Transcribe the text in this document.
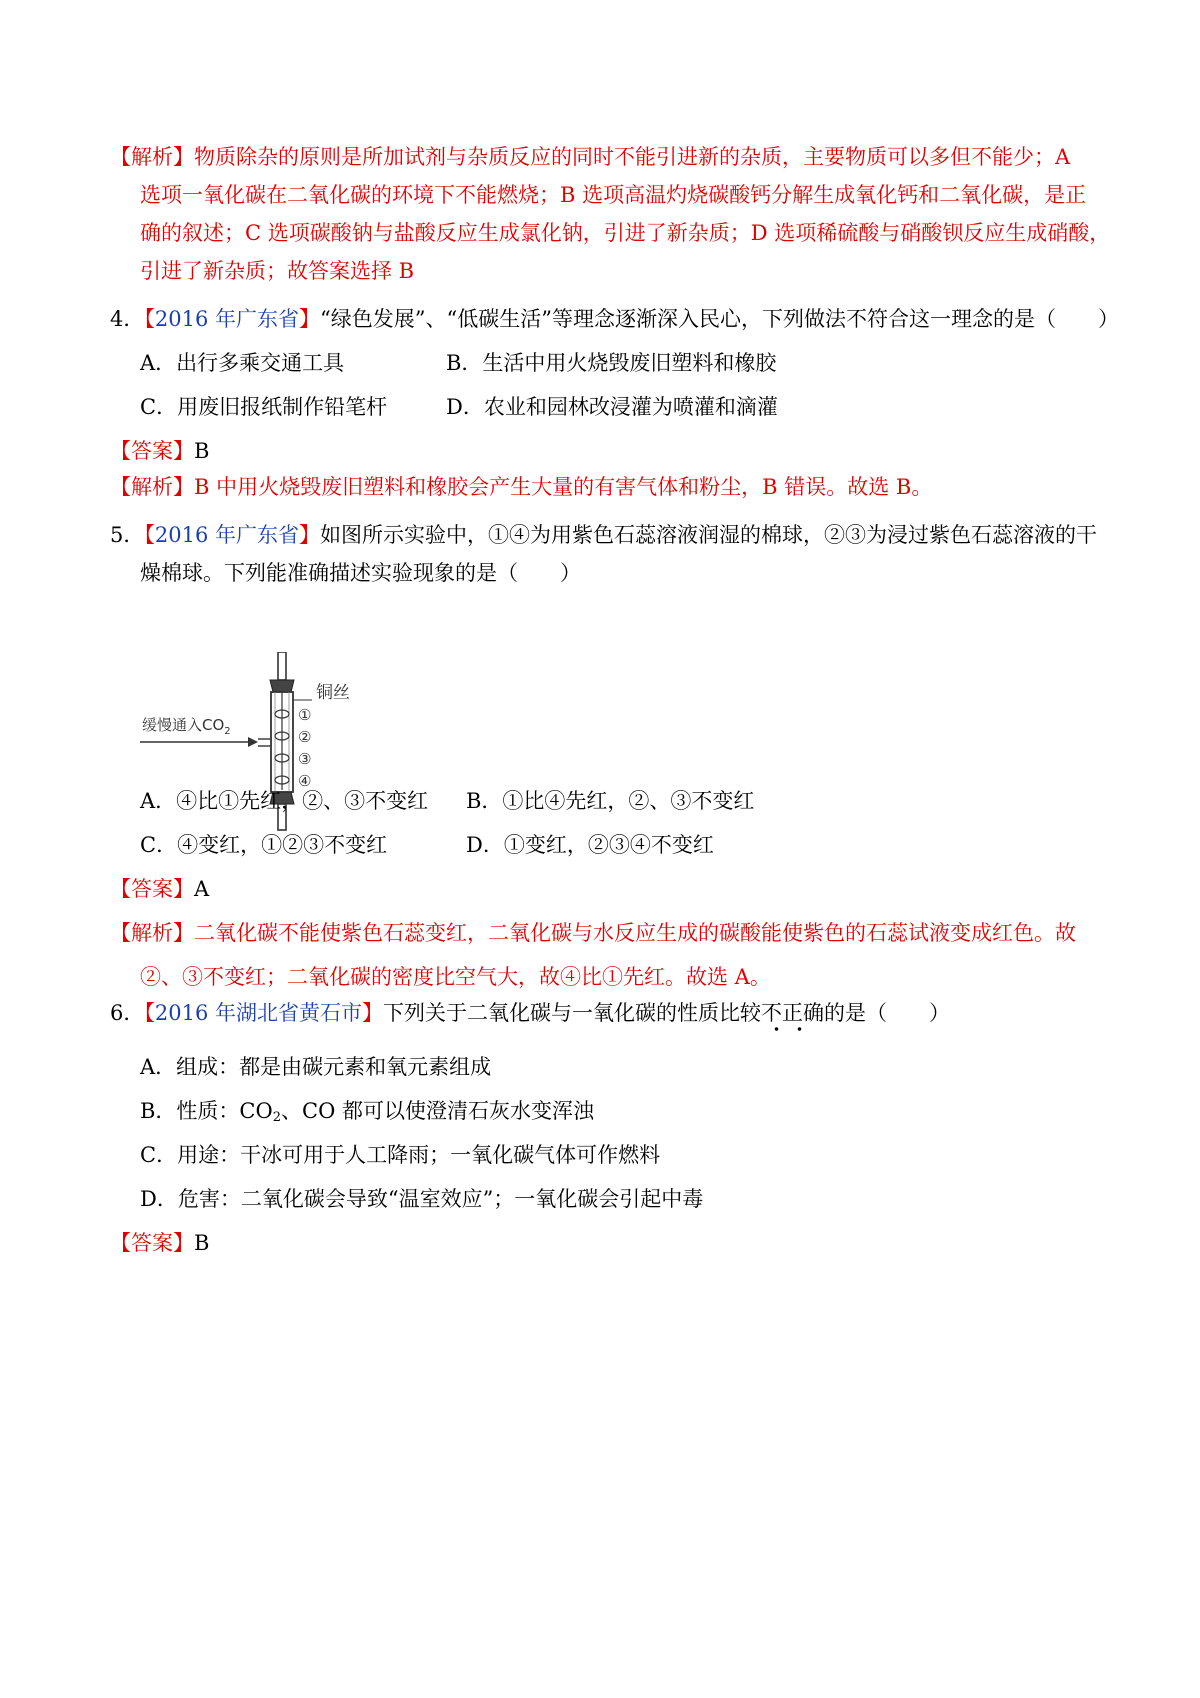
【解析】物质除杂的原则是所加试剂与杂质反应的同时不能引进新的杂质，主要物质可以多但不能少；A
选项一氧化碳在二氧化碳的环境下不能燃烧；B 选项高温灼烧碳酸钙分解生成氧化钙和二氧化碳，是正
确的叙述；C 选项碳酸钠与盐酸反应生成氯化钠，引进了新杂质；D 选项稀硫酸与硝酸钡反应生成硝酸，
引进了新杂质；故答案选择 B
4．【2016 年广东省】“绿色发展”、“低碳生活”等理念逐渐深入民心，下列做法不符合这一理念的是（　　）
A．出行多乘交通工具	B．生活中用火烧毁废旧塑料和橡胶
C．用废旧报纸制作铅笔杆	D．农业和园林改浸灌为喷灌和滴灌
【答案】B
【解析】B 中用火烧毁废旧塑料和橡胶会产生大量的有害气体和粉尘，B 错误。故选 B。
5．【2016 年广东省】如图所示实验中，①④为用紫色石蕊溶液润湿的棉球，②③为浸过紫色石蕊溶液的干
燥棉球。下列能准确描述实验现象的是（　　）
缓慢通入$CO_2$
铜丝
①
②
③
④
A．④比①先红，②、③不变红 B．①比④先红，②、③不变红
C．④变红，①②③不变红	D．①变红，②③④不变红
【答案】A
【解析】二氧化碳不能使紫色石蕊变红，二氧化碳与水反应生成的碳酸能使紫色的石蕊试液变成红色。故
②、③不变红；二氧化碳的密度比空气大，故④比①先红。故选 A。
6．【2016 年湖北省黄石市】下列关于二氧化碳与一氧化碳的性质比较不正确的是（　　）
A．组成：都是由碳元素和氧元素组成
B．性质：$CO_2$、CO 都可以使澄清石灰水变浑浊
C．用途：干冰可用于人工降雨；一氧化碳气体可作燃料
D．危害：二氧化碳会导致“温室效应”；一氧化碳会引起中毒
【答案】B
